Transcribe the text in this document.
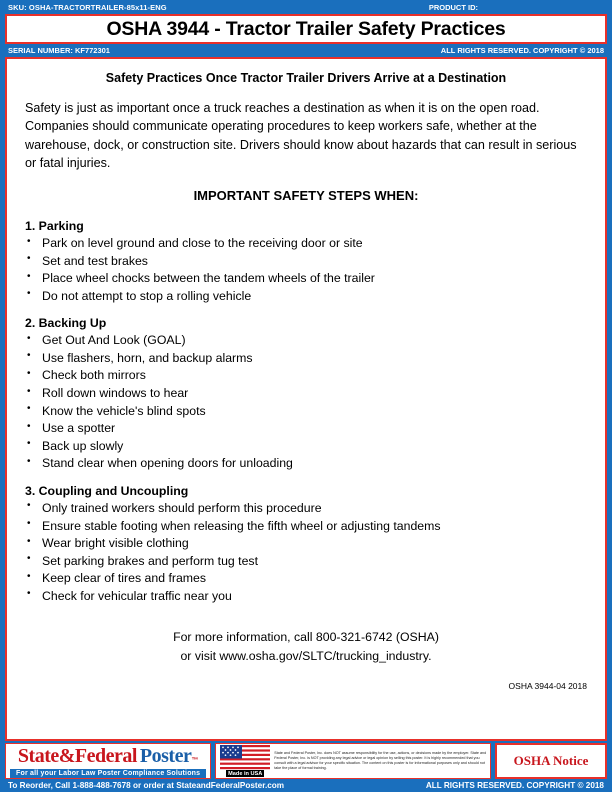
SKU: OSHA-TRACTORTRAILER-85x11-ENG	PRODUCT ID:
OSHA 3944 - Tractor Trailer Safety Practices
SERIAL NUMBER: KF772301	ALL RIGHTS RESERVED. COPYRIGHT © 2018
Safety Practices Once Tractor Trailer Drivers Arrive at a Destination
Safety is just as important once a truck reaches a destination as when it is on the open road. Companies should communicate operating procedures to keep workers safe, whether at the warehouse, dock, or construction site. Drivers should know about hazards that can result in serious or fatal injuries.
IMPORTANT SAFETY STEPS WHEN:
1. Parking
• Park on level ground and close to the receiving door or site
• Set and test brakes
• Place wheel chocks between the tandem wheels of the trailer
• Do not attempt to stop a rolling vehicle
2. Backing Up
• Get Out And Look (GOAL)
• Use flashers, horn, and backup alarms
• Check both mirrors
• Roll down windows to hear
• Know the vehicle's blind spots
• Use a spotter
• Back up slowly
• Stand clear when opening doors for unloading
3. Coupling and Uncoupling
• Only trained workers should perform this procedure
• Ensure stable footing when releasing the fifth wheel or adjusting tandems
• Wear bright visible clothing
• Set parking brakes and perform tug test
• Keep clear of tires and frames
• Check for vehicular traffic near you
For more information, call 800-321-6742 (OSHA)
or visit www.osha.gov/SLTC/trucking_industry.
OSHA 3944-04 2018
State&Federal Poster ™
For all your Labor Law Poster Compliance Solutions	Made in USA
State and Federal Poster, Inc. does NOT assume responsibility for the use, actions, or decisions made by the employer. State and Federal Poster, Inc. is NOT providing any legal advice or legal opinion by selling this poster. It is highly recommended that you consult with a legal advisor for your specific situation. The content on this poster is for informational purposes only and should not take the place of formal training.	OSHA Notice
To Reorder, Call 1-888-488-7678 or order at StateandFederalPoster.com	ALL RIGHTS RESERVED. COPYRIGHT © 2018
